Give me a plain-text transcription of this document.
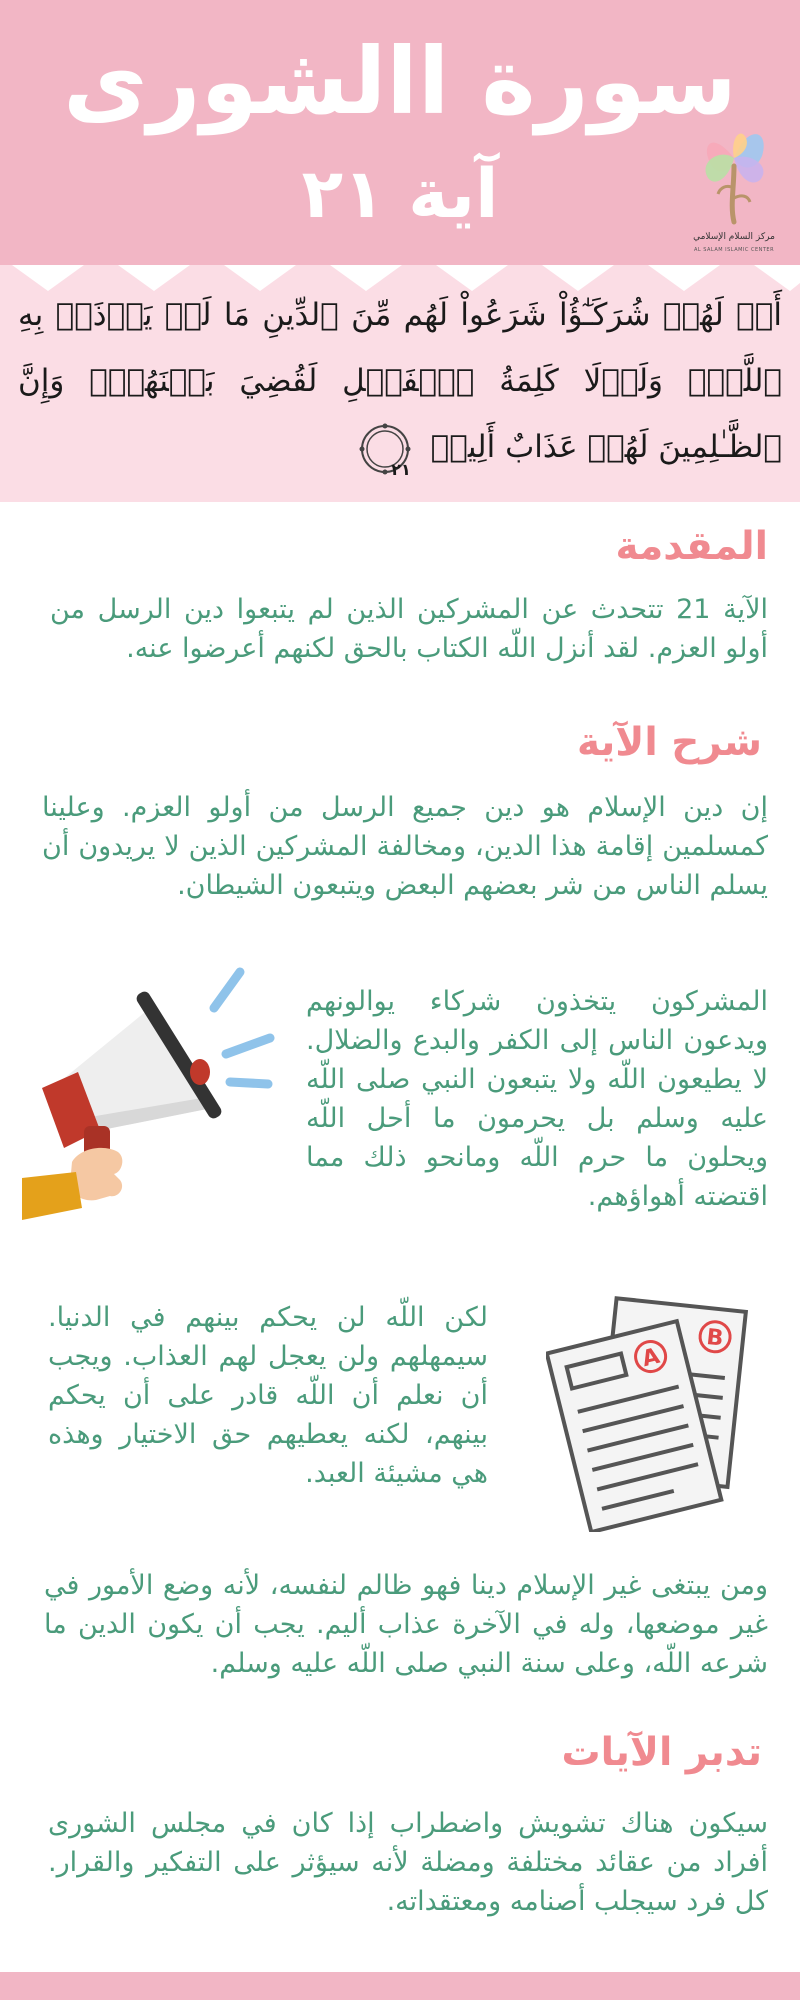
سورة االشورى
آية ٢١
مركز السلام الإسلامي
AL SALAM ISLAMIC CENTER
أَمۡ لَهُمۡ شُرَكَـٰٓؤُاْ شَرَعُواْ لَهُم مِّنَ ٱلدِّينِ مَا لَمۡ يَأۡذَنۢ بِهِ ٱللَّهُۚ وَلَوۡلَا كَلِمَةُ ٱلۡفَصۡلِ لَقُضِيَ بَيۡنَهُمۡۗ وَإِنَّ ٱلظَّـٰلِمِينَ لَهُمۡ عَذَابٌ أَلِيمٞ
٢١
المقدمة
الآية 21 تتحدث عن المشركين الذين لم يتبعوا دين الرسل من أولو العزم. لقد أنزل اللّه الكتاب بالحق لكنهم أعرضوا عنه.
شرح الآية
إن دين الإسلام هو دين جميع الرسل من أولو العزم. وعلينا كمسلمين إقامة هذا الدين، ومخالفة المشركين الذين لا يريدون أن يسلم الناس من شر بعضهم البعض ويتبعون الشيطان.
المشركون يتخذون شركاء يوالونهم ويدعون الناس إلى الكفر والبدع والضلال. لا يطيعون اللّه ولا يتبعون النبي صلى اللّه عليه وسلم بل يحرمون ما أحل اللّه ويحلون ما حرم اللّه ومانحو ذلك مما اقتضته أهواؤهم.
لكن اللّه لن يحكم بينهم في الدنيا. سيمهلهم ولن يعجل لهم العذاب. ويجب أن نعلم أن اللّه قادر على أن يحكم بينهم، لكنه يعطيهم حق الاختيار وهذه هي مشيئة العبد.
B
A
ومن يبتغى غير الإسلام دينا فهو ظالم لنفسه، لأنه وضع الأمور في غير موضعها، وله في الآخرة عذاب أليم. يجب أن يكون الدين ما شرعه اللّه، وعلى سنة النبي صلى اللّه عليه وسلم.
تدبر الآيات
سيكون هناك تشويش واضطراب إذا كان في مجلس الشورى أفراد من عقائد مختلفة ومضلة لأنه سيؤثر على التفكير والقرار. كل فرد سيجلب أصنامه ومعتقداته.
